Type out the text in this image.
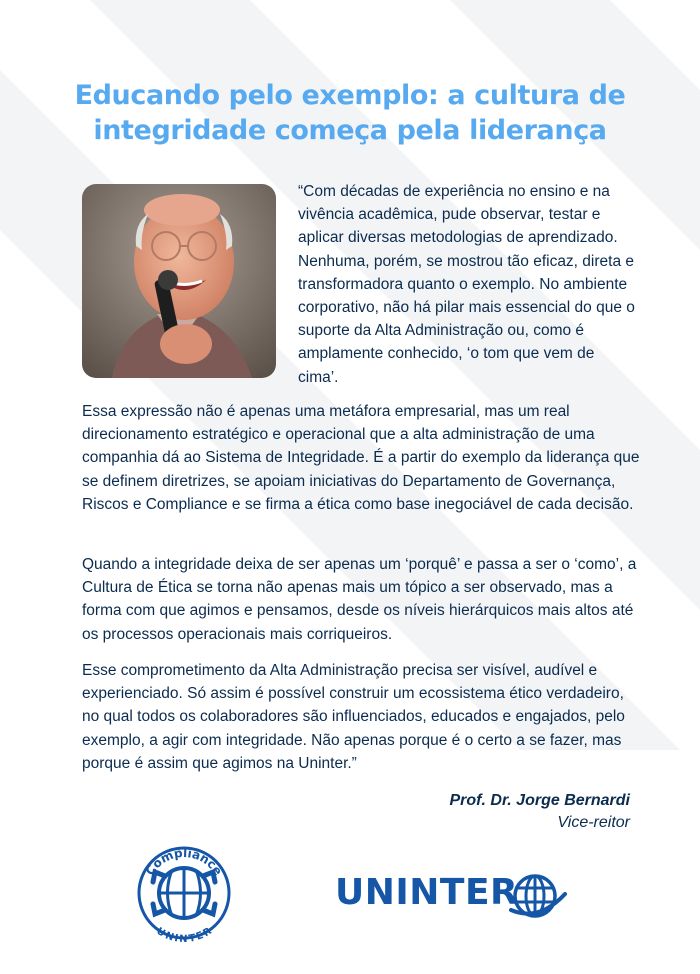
Educando pelo exemplo: a cultura de
integridade começa pela liderança

“Com décadas de experiência no ensino e na vivência acadêmica, pude observar, testar e aplicar diversas metodologias de aprendizado. Nenhuma, porém, se mostrou tão eficaz, direta e transformadora quanto o exemplo. No ambiente corporativo, não há pilar mais essencial do que o suporte da Alta Administração ou, como é amplamente conhecido, ‘o tom que vem de cima’.

Essa expressão não é apenas uma metáfora empresarial, mas um real direcionamento estratégico e operacional que a alta administração de uma companhia dá ao Sistema de Integridade. É a partir do exemplo da liderança que se definem diretrizes, se apoiam iniciativas do Departamento de Governança, Riscos e Compliance e se firma a ética como base inegociável de cada decisão.

Quando a integridade deixa de ser apenas um ‘porquê’ e passa a ser o ‘como’, a Cultura de Ética se torna não apenas mais um tópico a ser observado, mas a forma com que agimos e pensamos, desde os níveis hierárquicos mais altos até os processos operacionais mais corriqueiros.

Esse comprometimento da Alta Administração precisa ser visível, audível e experienciado. Só assim é possível construir um ecossistema ético verdadeiro, no qual todos os colaboradores são influenciados, educados e engajados, pelo exemplo, a agir com integridade. Não apenas porque é o certo a se fazer, mas porque é assim que agimos na Uninter.”

Prof. Dr. Jorge Bernardi
Vice-reitor
Compliance
UNINTER
UNINTER
